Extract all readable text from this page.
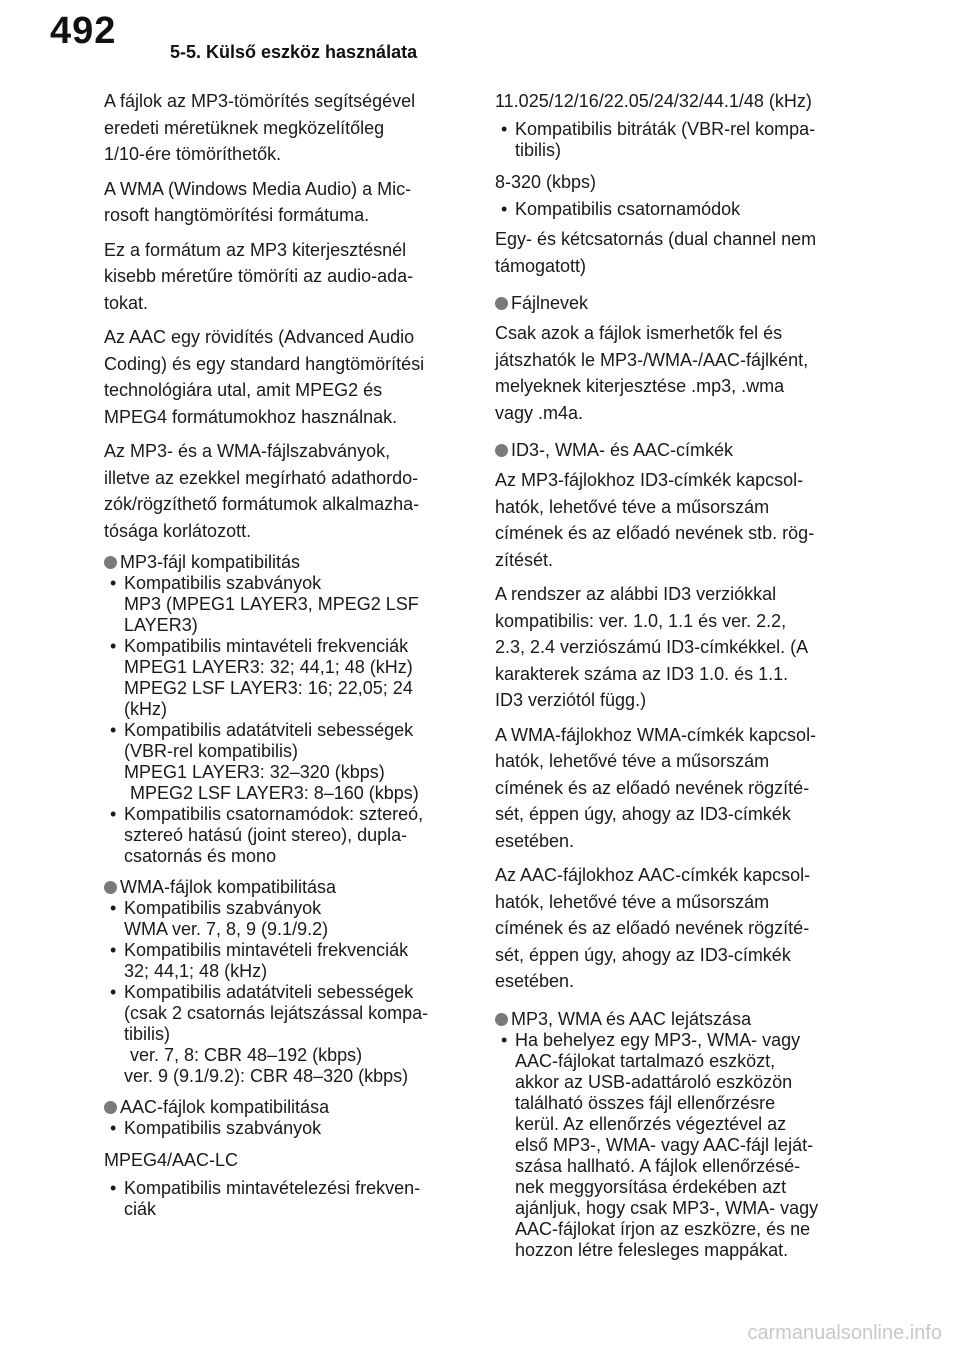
492	5-5. Külső eszköz használata
A fájlok az MP3-tömörítés segítségével
eredeti méretüknek megközelítőleg
1/10-ére tömöríthetők.
A WMA (Windows Media Audio) a Mic-
rosoft hangtömörítési formátuma.
Ez a formátum az MP3 kiterjesztésnél
kisebb méretűre tömöríti az audio-ada-
tokat.
Az AAC egy rövidítés (Advanced Audio
Coding) és egy standard hangtömörítési
technológiára utal, amit MPEG2 és
MPEG4 formátumokhoz használnak.
Az MP3- és a WMA-fájlszabványok,
illetve az ezekkel megírható adathordo-
zók/rögzíthető formátumok alkalmazha-
tósága korlátozott.
MP3-fájl kompatibilitás
• Kompatibilis szabványok
MP3 (MPEG1 LAYER3, MPEG2 LSF
LAYER3)
• Kompatibilis mintavételi frekvenciák
MPEG1 LAYER3: 32; 44,1; 48 (kHz)
MPEG2 LSF LAYER3: 16; 22,05; 24
(kHz)
• Kompatibilis adatátviteli sebességek
(VBR-rel kompatibilis)
MPEG1 LAYER3: 32–320 (kbps)
MPEG2 LSF LAYER3: 8–160 (kbps)
• Kompatibilis csatornamódok: sztereó,
sztereó hatású (joint stereo), dupla-
csatornás és mono
WMA-fájlok kompatibilitása
• Kompatibilis szabványok
WMA ver. 7, 8, 9 (9.1/9.2)
• Kompatibilis mintavételi frekvenciák
32; 44,1; 48 (kHz)
• Kompatibilis adatátviteli sebességek
(csak 2 csatornás lejátszással kompa-
tibilis)
ver. 7, 8: CBR 48–192 (kbps)
ver. 9 (9.1/9.2): CBR 48–320 (kbps)
AAC-fájlok kompatibilitása
• Kompatibilis szabványok
MPEG4/AAC-LC
• Kompatibilis mintavételezési frekven-
ciák
11.025/12/16/22.05/24/32/44.1/48 (kHz)
• Kompatibilis bitráták (VBR-rel kompa-
tibilis)
8-320 (kbps)
• Kompatibilis csatornamódok
Egy- és kétcsatornás (dual channel nem
támogatott)
Fájlnevek
Csak azok a fájlok ismerhetők fel és
játszhatók le MP3-/WMA-/AAC-fájlként,
melyeknek kiterjesztése .mp3, .wma
vagy .m4a.
ID3-, WMA- és AAC-címkék
Az MP3-fájlokhoz ID3-címkék kapcsol-
hatók, lehetővé téve a műsorszám
címének és az előadó nevének stb. rög-
zítését.
A rendszer az alábbi ID3 verziókkal
kompatibilis: ver. 1.0, 1.1 és ver. 2.2,
2.3, 2.4 verziószámú ID3-címkékkel. (A
karakterek száma az ID3 1.0. és 1.1.
ID3 verziótól függ.)
A WMA-fájlokhoz WMA-címkék kapcsol-
hatók, lehetővé téve a műsorszám
címének és az előadó nevének rögzíté-
sét, éppen úgy, ahogy az ID3-címkék
esetében.
Az AAC-fájlokhoz AAC-címkék kapcsol-
hatók, lehetővé téve a műsorszám
címének és az előadó nevének rögzíté-
sét, éppen úgy, ahogy az ID3-címkék
esetében.
MP3, WMA és AAC lejátszása
• Ha behelyez egy MP3-, WMA- vagy
AAC-fájlokat tartalmazó eszközt,
akkor az USB-adattároló eszközön
található összes fájl ellenőrzésre
kerül. Az ellenőrzés végeztével az
első MP3-, WMA- vagy AAC-fájl leját-
szása hallható. A fájlok ellenőrzésé-
nek meggyorsítása érdekében azt
ajánljuk, hogy csak MP3-, WMA- vagy
AAC-fájlokat írjon az eszközre, és ne
hozzon létre felesleges mappákat.
carmanualsonline.info
